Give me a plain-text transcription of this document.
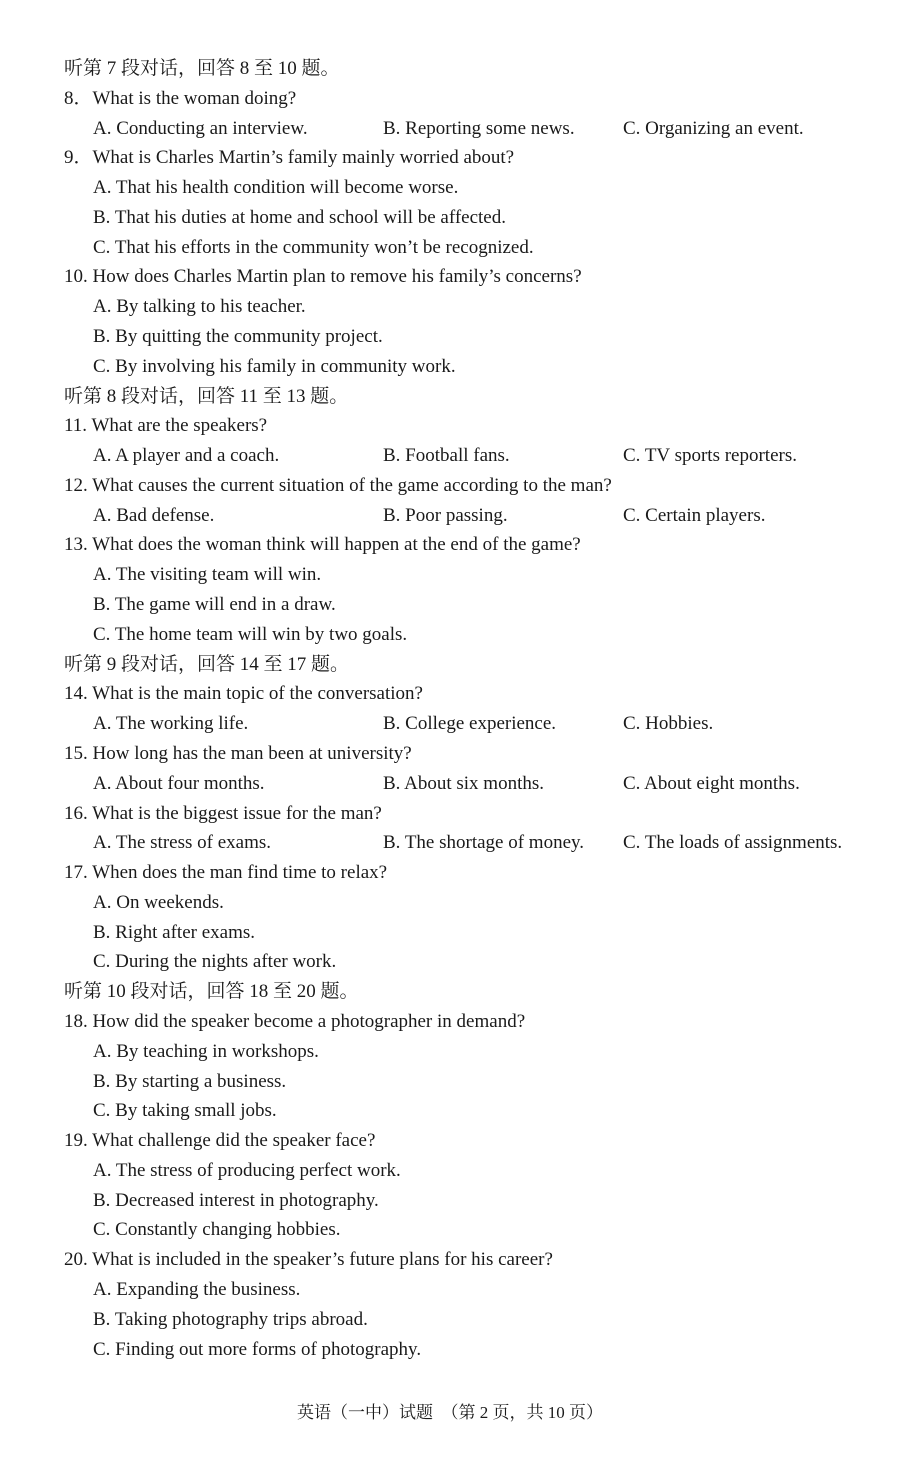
英语（一中）试题　（第 2 页，共 10 页）
听第 7 段对话，回答 8 至 10 题。
8．What is the woman doing?
A. Conducting an interview.	B. Reporting some news.	C. Organizing an event.
9．What is Charles Martin’s family mainly worried about?
A. That his health condition will become worse.
B. That his duties at home and school will be affected.
C. That his efforts in the community won’t be recognized.
10. How does Charles Martin plan to remove his family’s concerns?
A. By talking to his teacher.
B. By quitting the community project.
C. By involving his family in community work.
听第 8 段对话，回答 11 至 13 题。
11. What are the speakers?
A. A player and a coach.	B. Football fans.	C. TV sports reporters.
12. What causes the current situation of the game according to the man?
A. Bad defense.	B. Poor passing.	C. Certain players.
13. What does the woman think will happen at the end of the game?
A. The visiting team will win.
B. The game will end in a draw.
C. The home team will win by two goals.
听第 9 段对话，回答 14 至 17 题。
14. What is the main topic of the conversation?
A. The working life.	B. College experience.	C. Hobbies.
15. How long has the man been at university?
A. About four months.	B. About six months.	C. About eight months.
16. What is the biggest issue for the man?
A. The stress of exams.	B. The shortage of money. C. The loads of assignments.
17. When does the man find time to relax?
A. On weekends.
B. Right after exams.
C. During the nights after work.
听第 10 段对话，回答 18 至 20 题。
18. How did the speaker become a photographer in demand?
A. By teaching in workshops.
B. By starting a business.
C. By taking small jobs.
19. What challenge did the speaker face?
A. The stress of producing perfect work.
B. Decreased interest in photography.
C. Constantly changing hobbies.
20. What is included in the speaker’s future plans for his career?
A. Expanding the business.
B. Taking photography trips abroad.
C. Finding out more forms of photography.
